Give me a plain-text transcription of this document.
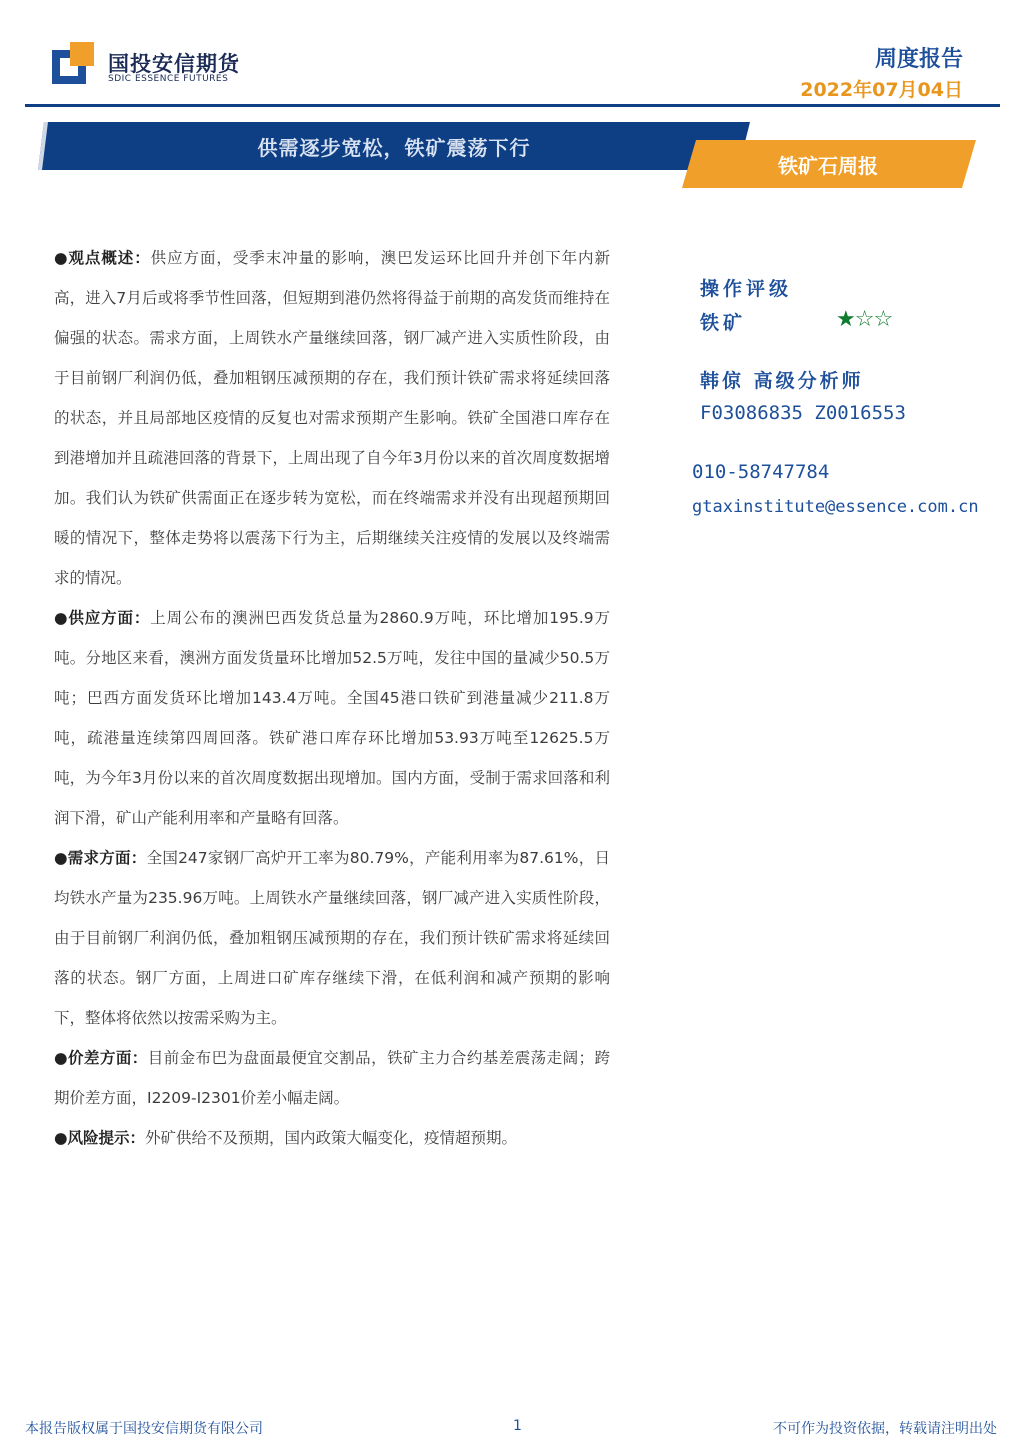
国投安信期货
SDIC ESSENCE FUTURES
周度报告
2022年07月04日
供需逐步宽松，铁矿震荡下行
铁矿石周报

●观点概述：供应方面，受季末冲量的影响，澳巴发运环比回升并创下年内新高，进入7月后或将季节性回落，但短期到港仍然将得益于前期的高发货而维持在偏强的状态。需求方面，上周铁水产量继续回落，钢厂减产进入实质性阶段，由于目前钢厂利润仍低，叠加粗钢压减预期的存在，我们预计铁矿需求将延续回落的状态，并且局部地区疫情的反复也对需求预期产生影响。铁矿全国港口库存在到港增加并且疏港回落的背景下，上周出现了自今年3月份以来的首次周度数据增加。我们认为铁矿供需面正在逐步转为宽松，而在终端需求并没有出现超预期回暖的情况下，整体走势将以震荡下行为主，后期继续关注疫情的发展以及终端需求的情况。

●供应方面：上周公布的澳洲巴西发货总量为2860.9万吨，环比增加195.9万吨。分地区来看，澳洲方面发货量环比增加52.5万吨，发往中国的量减少50.5万吨；巴西方面发货环比增加143.4万吨。全国45港口铁矿到港量减少211.8万吨，疏港量连续第四周回落。铁矿港口库存环比增加53.93万吨至12625.5万吨，为今年3月份以来的首次周度数据出现增加。国内方面，受制于需求回落和利润下滑，矿山产能利用率和产量略有回落。

●需求方面：全国247家钢厂高炉开工率为80.79%，产能利用率为87.61%，日均铁水产量为235.96万吨。上周铁水产量继续回落，钢厂减产进入实质性阶段，由于目前钢厂利润仍低，叠加粗钢压减预期的存在，我们预计铁矿需求将延续回落的状态。钢厂方面，上周进口矿库存继续下滑，在低利润和减产预期的影响下，整体将依然以按需采购为主。

●价差方面：目前金布巴为盘面最便宜交割品，铁矿主力合约基差震荡走阔；跨期价差方面，I2209-I2301价差小幅走阔。

●风险提示：外矿供给不及预期，国内政策大幅变化，疫情超预期。

操作评级
铁矿	★☆☆
韩倞 高级分析师
F03086835 Z0016553
010-58747784
gtaxinstitute@essence.com.cn
本报告版权属于国投安信期货有限公司	1	不可作为投资依据，转载请注明出处
